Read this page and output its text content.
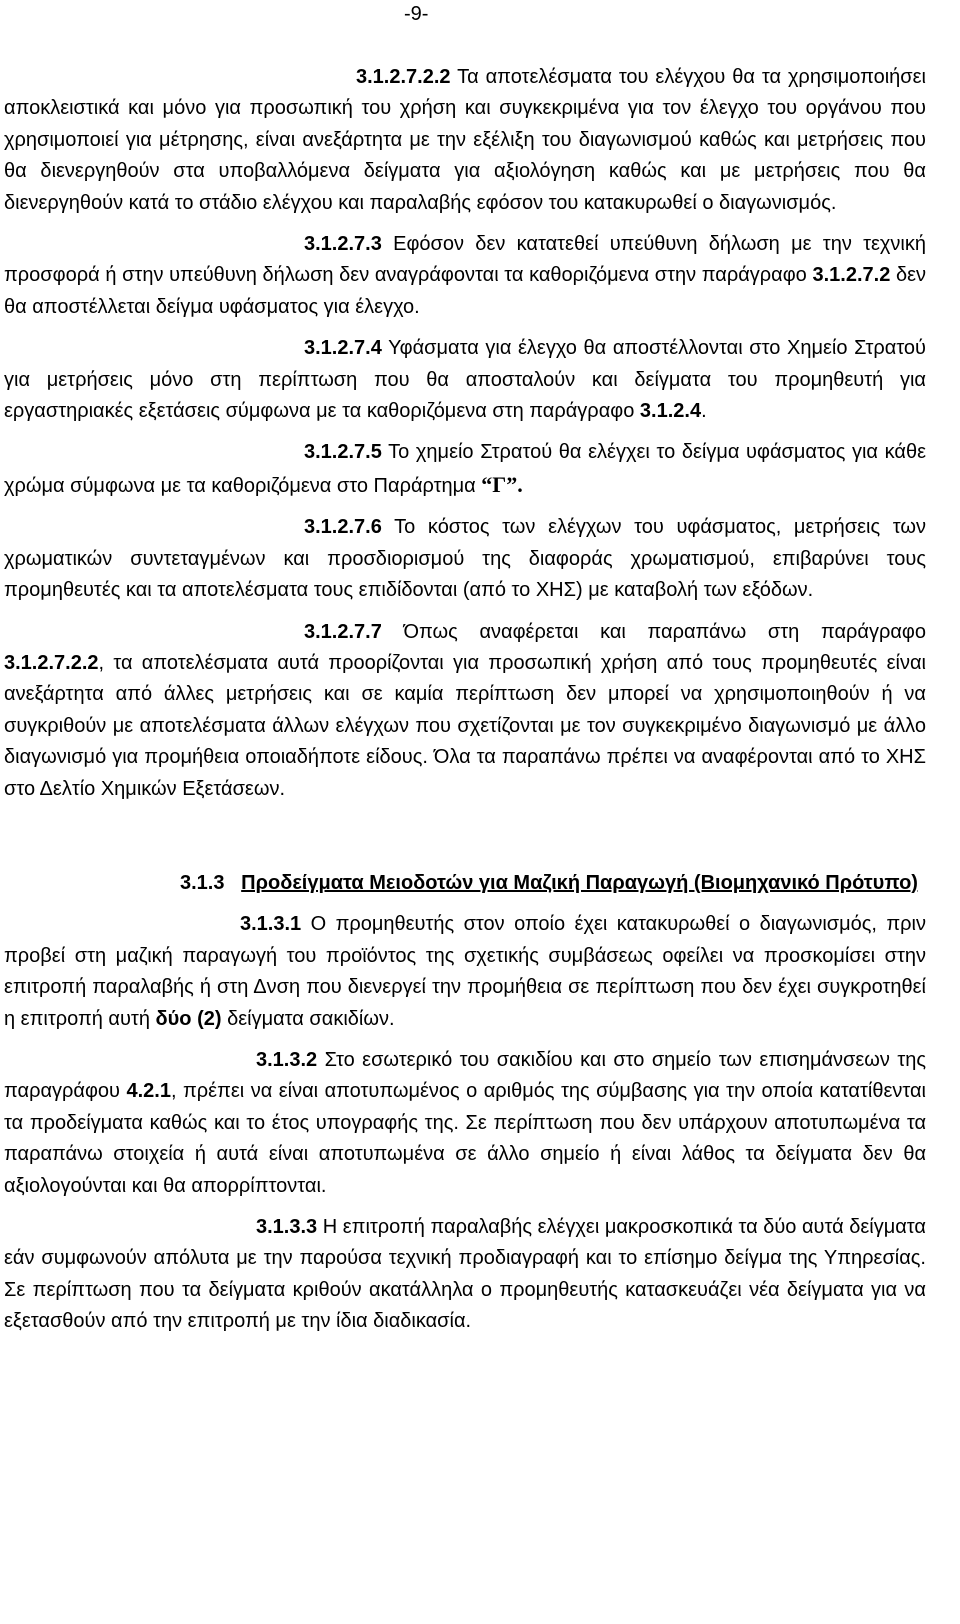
-9-

3.1.2.7.2.2 Τα αποτελέσματα του ελέγχου θα τα χρησιμοποιήσει αποκλειστικά και μόνο για προσωπική του χρήση και συγκεκριμένα για τον έλεγχο του οργάνου που χρησιμοποιεί για μέτρησης, είναι ανεξάρτητα με την εξέλιξη του διαγωνισμού καθώς και μετρήσεις που θα διενεργηθούν στα υποβαλλόμενα δείγματα για αξιολόγηση καθώς και με μετρήσεις που θα διενεργηθούν κατά το στάδιο ελέγχου και παραλαβής εφόσον του κατακυρωθεί ο διαγωνισμός.

3.1.2.7.3 Εφόσον δεν κατατεθεί υπεύθυνη δήλωση με την τεχνική προσφορά ή στην υπεύθυνη δήλωση δεν αναγράφονται τα καθοριζόμενα στην παράγραφο 3.1.2.7.2 δεν θα αποστέλλεται δείγμα υφάσματος για έλεγχο.

3.1.2.7.4 Υφάσματα για έλεγχο θα αποστέλλονται στο Χημείο Στρατού για μετρήσεις μόνο στη περίπτωση που θα αποσταλούν και δείγματα του προμηθευτή για εργαστηριακές εξετάσεις σύμφωνα με τα καθοριζόμενα στη παράγραφο 3.1.2.4.

3.1.2.7.5 Το χημείο Στρατού θα ελέγχει το δείγμα υφάσματος για κάθε χρώμα σύμφωνα με τα καθοριζόμενα στο Παράρτημα “Γ”.

3.1.2.7.6 Το κόστος των ελέγχων του υφάσματος, μετρήσεις των χρωματικών συντεταγμένων και προσδιορισμού της διαφοράς χρωματισμού, επιβαρύνει τους προμηθευτές και τα αποτελέσματα τους επιδίδονται (από το ΧΗΣ) με καταβολή των εξόδων.

3.1.2.7.7 Όπως αναφέρεται και παραπάνω στη παράγραφο 3.1.2.7.2.2, τα αποτελέσματα αυτά προορίζονται για προσωπική χρήση από τους προμηθευτές είναι ανεξάρτητα από άλλες μετρήσεις και σε καμία περίπτωση δεν μπορεί να χρησιμοποιηθούν ή να συγκριθούν με αποτελέσματα άλλων ελέγχων που σχετίζονται με τον συγκεκριμένο διαγωνισμό με άλλο διαγωνισμό για προμήθεια οποιαδήποτε είδους. Όλα τα παραπάνω πρέπει να αναφέρονται από το ΧΗΣ στο Δελτίο Χημικών Εξετάσεων.

3.1.3 Προδείγματα Μειοδοτών για Μαζική Παραγωγή (Βιομηχανικό Πρότυπο)

3.1.3.1 Ο προμηθευτής στον οποίο έχει κατακυρωθεί ο διαγωνισμός, πριν προβεί στη μαζική παραγωγή του προϊόντος της σχετικής συμβάσεως οφείλει να προσκομίσει στην επιτροπή παραλαβής ή στη Δνση που διενεργεί την προμήθεια σε περίπτωση που δεν έχει συγκροτηθεί η επιτροπή αυτή δύο (2) δείγματα σακιδίων.

3.1.3.2 Στο εσωτερικό του σακιδίου και στο σημείο των επισημάνσεων της παραγράφου 4.2.1, πρέπει να είναι αποτυπωμένος ο αριθμός της σύμβασης για την οποία κατατίθενται τα προδείγματα καθώς και το έτος υπογραφής της. Σε περίπτωση που δεν υπάρχουν αποτυπωμένα τα παραπάνω στοιχεία ή αυτά είναι αποτυπωμένα σε άλλο σημείο ή είναι λάθος τα δείγματα δεν θα αξιολογούνται και θα απορρίπτονται.

3.1.3.3 Η επιτροπή παραλαβής ελέγχει μακροσκοπικά τα δύο αυτά δείγματα εάν συμφωνούν απόλυτα με την παρούσα τεχνική προδιαγραφή και το επίσημο δείγμα της Υπηρεσίας. Σε περίπτωση που τα δείγματα κριθούν ακατάλληλα ο προμηθευτής κατασκευάζει νέα δείγματα για να εξετασθούν από την επιτροπή με την ίδια διαδικασία.
